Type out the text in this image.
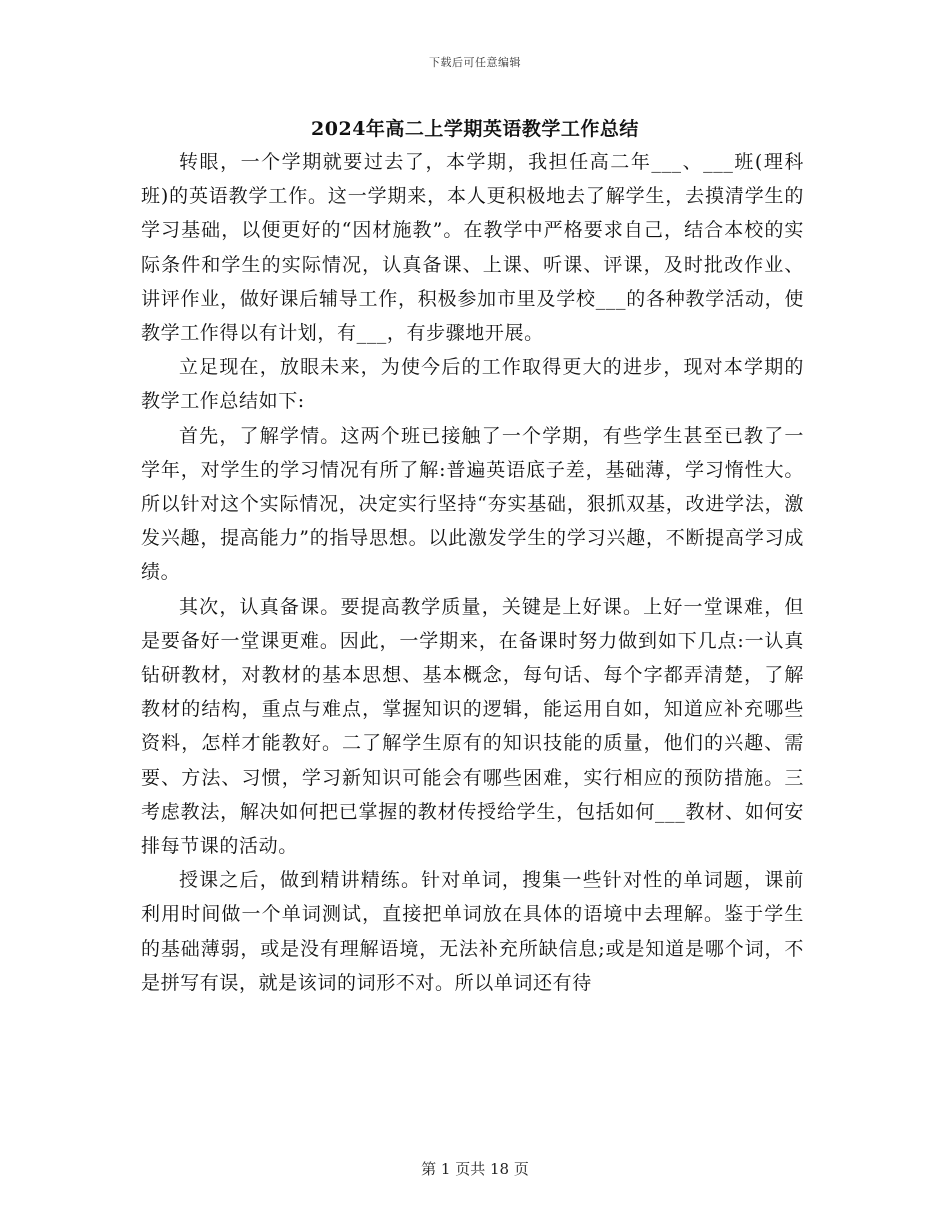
下载后可任意编辑
2024年高二上学期英语教学工作总结

转眼，一个学期就要过去了，本学期，我担任高二年___、___班(理科班)的英语教学工作。这一学期来，本人更积极地去了解学生，去摸清学生的学习基础，以便更好的“因材施教”。在教学中严格要求自己，结合本校的实际条件和学生的实际情况，认真备课、上课、听课、评课，及时批改作业、讲评作业，做好课后辅导工作，积极参加市里及学校___的各种教学活动，使教学工作得以有计划，有___，有步骤地开展。

立足现在，放眼未来，为使今后的工作取得更大的进步，现对本学期的教学工作总结如下:

首先，了解学情。这两个班已接触了一个学期，有些学生甚至已教了一学年，对学生的学习情况有所了解:普遍英语底子差，基础薄，学习惰性大。所以针对这个实际情况，决定实行坚持“夯实基础，狠抓双基，改进学法，激发兴趣，提高能力”的指导思想。以此激发学生的学习兴趣，不断提高学习成绩。

其次，认真备课。要提高教学质量，关键是上好课。上好一堂课难，但是要备好一堂课更难。因此，一学期来，在备课时努力做到如下几点:一认真钻研教材，对教材的基本思想、基本概念，每句话、每个字都弄清楚，了解教材的结构，重点与难点，掌握知识的逻辑，能运用自如，知道应补充哪些资料，怎样才能教好。二了解学生原有的知识技能的质量，他们的兴趣、需要、方法、习惯，学习新知识可能会有哪些困难，实行相应的预防措施。三考虑教法，解决如何把已掌握的教材传授给学生，包括如何___教材、如何安排每节课的活动。

授课之后，做到精讲精练。针对单词，搜集一些针对性的单词题，课前利用时间做一个单词测试，直接把单词放在具体的语境中去理解。鉴于学生的基础薄弱，或是没有理解语境，无法补充所缺信息;或是知道是哪个词，不是拼写有误，就是该词的词形不对。所以单词还有待

第 1 页共 18 页
